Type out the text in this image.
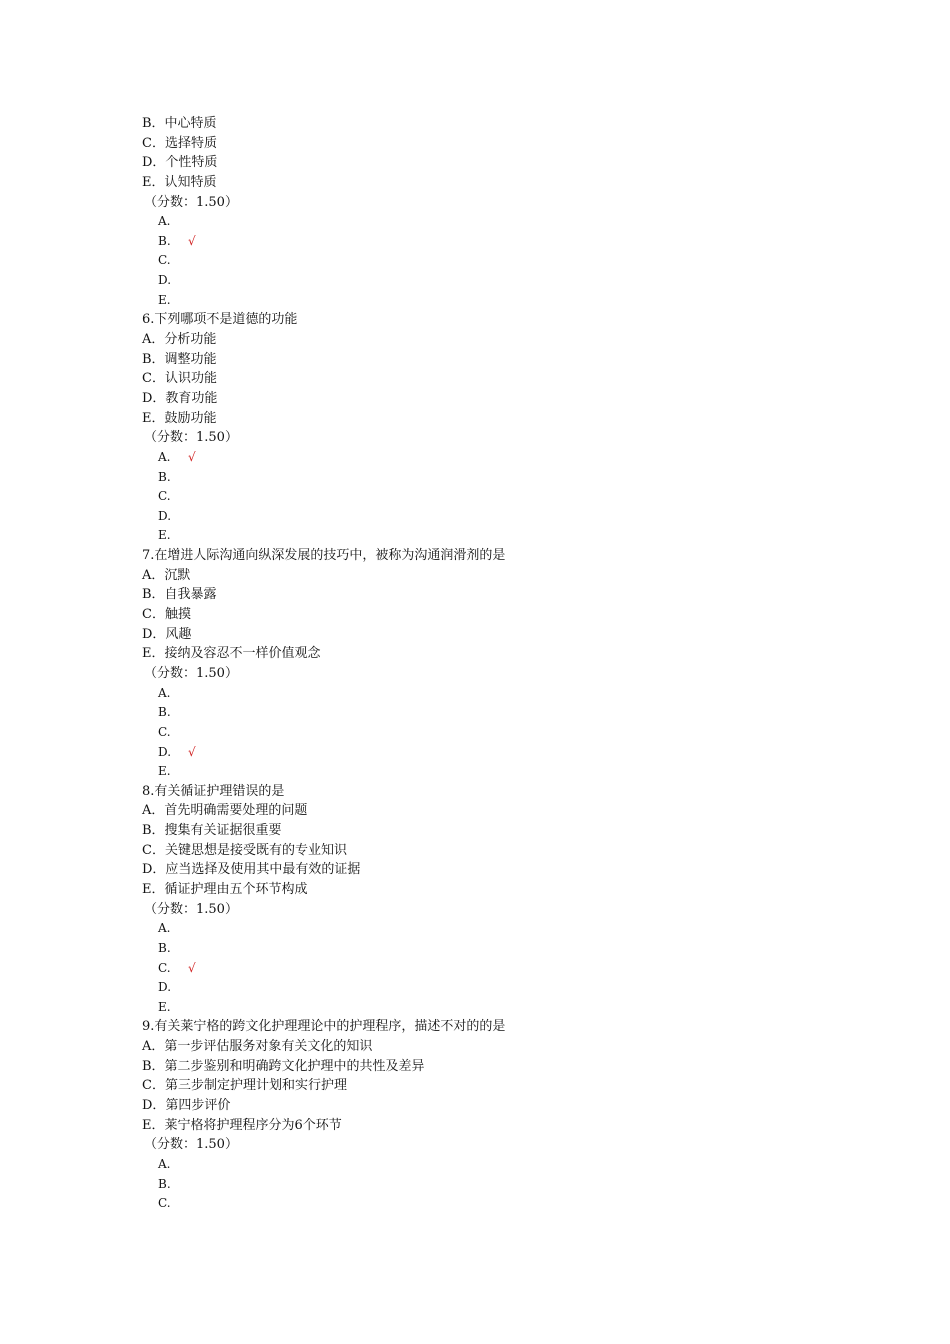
B．中心特质
C．选择特质
D．个性特质
E．认知特质
（分数：1.50）
A.
B. √
C.
D.
E.
6.下列哪项不是道德的功能
A．分析功能
B．调整功能
C．认识功能
D．教育功能
E．鼓励功能
（分数：1.50）
A. √
B.
C.
D.
E.
7.在增进人际沟通向纵深发展的技巧中，被称为沟通润滑剂的是
A．沉默
B．自我暴露
C．触摸
D．风趣
E．接纳及容忍不一样价值观念
（分数：1.50）
A.
B.
C.
D. √
E.
8.有关循证护理错误的是
A．首先明确需要处理的问题
B．搜集有关证据很重要
C．关键思想是接受既有的专业知识
D．应当选择及使用其中最有效的证据
E．循证护理由五个环节构成
（分数：1.50）
A.
B.
C. √
D.
E.
9.有关莱宁格的跨文化护理理论中的护理程序，描述不对的的是
A．第一步评估服务对象有关文化的知识
B．第二步鉴别和明确跨文化护理中的共性及差异
C．第三步制定护理计划和实行护理
D．第四步评价
E．莱宁格将护理程序分为6个环节
（分数：1.50）
A.
B.
C.
